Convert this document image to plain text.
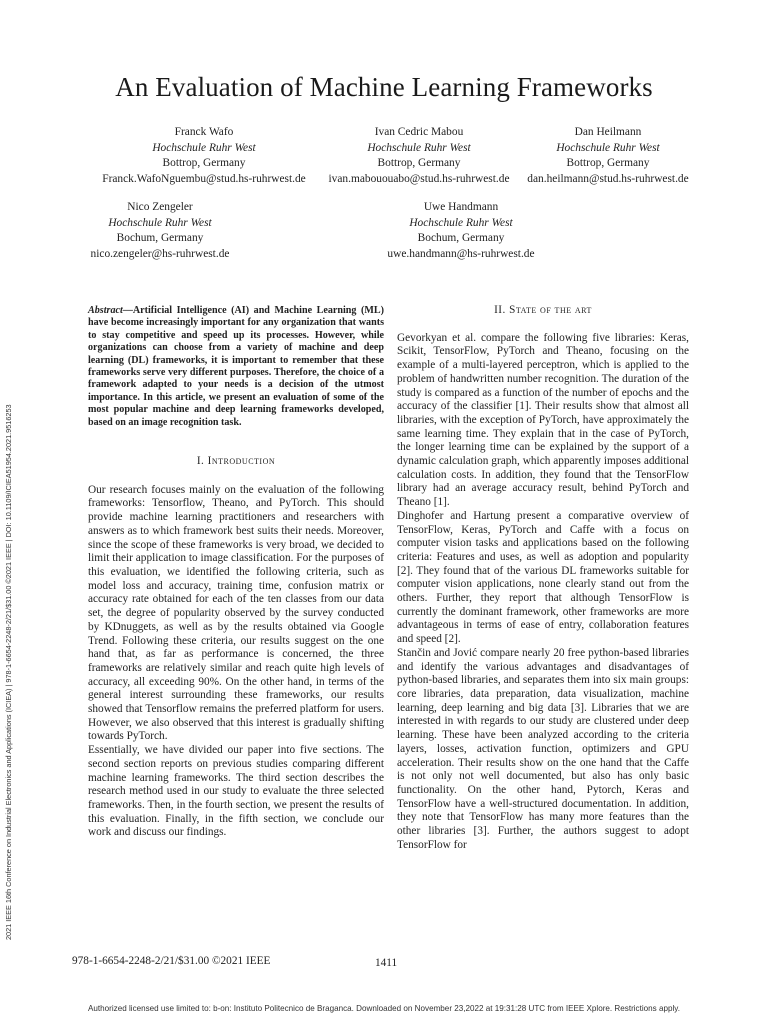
2021 IEEE 16th Conference on Industrial Electronics and Applications (ICIEA) | 978-1-6654-2248-2/21/$31.00 ©2021 IEEE | DOI: 10.1109/ICIEA51954.2021.9516253
An Evaluation of Machine Learning Frameworks
Franck Wafo
Hochschule Ruhr West
Bottrop, Germany
Franck.WafoNguembu@stud.hs-ruhrwest.de
Ivan Cedric Mabou
Hochschule Ruhr West
Bottrop, Germany
ivan.mabououabo@stud.hs-ruhrwest.de
Dan Heilmann
Hochschule Ruhr West
Bottrop, Germany
dan.heilmann@stud.hs-ruhrwest.de
Nico Zengeler
Hochschule Ruhr West
Bochum, Germany
nico.zengeler@hs-ruhrwest.de
Uwe Handmann
Hochschule Ruhr West
Bochum, Germany
uwe.handmann@hs-ruhrwest.de

Abstract—Artificial Intelligence (AI) and Machine Learning (ML) have become increasingly important for any organization that wants to stay competitive and speed up its processes. However, while organizations can choose from a variety of machine and deep learning (DL) frameworks, it is important to remember that these frameworks serve very different purposes. Therefore, the choice of a framework adapted to your needs is a decision of the utmost importance. In this article, we present an evaluation of some of the most popular machine and deep learning frameworks developed, based on an image recognition task.

I. Introduction

Our research focuses mainly on the evaluation of the following frameworks: Tensorflow, Theano, and PyTorch. This should provide machine learning practitioners and researchers with answers as to which framework best suits their needs. Moreover, since the scope of these frameworks is very broad, we decided to limit their application to image classification. For the purposes of this evaluation, we identified the following criteria, such as model loss and accuracy, training time, confusion matrix or accuracy rate obtained for each of the ten classes from our data set, the degree of popularity observed by the survey conducted by KDnuggets, as well as by the results obtained via Google Trend. Following these criteria, our results suggest on the one hand that, as far as performance is concerned, the three frameworks are relatively similar and reach quite high levels of accuracy, all exceeding 90%. On the other hand, in terms of the general interest surrounding these frameworks, our results showed that Tensorflow remains the preferred platform for users. However, we also observed that this interest is gradually shifting towards PyTorch.

Essentially, we have divided our paper into five sections. The second section reports on previous studies comparing different machine learning frameworks. The third section describes the research method used in our study to evaluate the three selected frameworks. Then, in the fourth section, we present the results of this evaluation. Finally, in the fifth section, we conclude our work and discuss our findings.

II. State of the art

Gevorkyan et al. compare the following five libraries: Keras, Scikit, TensorFlow, PyTorch and Theano, focusing on the example of a multi-layered perceptron, which is applied to the problem of handwritten number recognition. The duration of the study is compared as a function of the number of epochs and the accuracy of the classifier [1]. Their results show that almost all libraries, with the exception of PyTorch, have approximately the same learning time. They explain that in the case of PyTorch, the longer learning time can be explained by the support of a dynamic calculation graph, which apparently imposes additional calculation costs. In addition, they found that the TensorFlow library had an average accuracy result, behind PyTorch and Theano [1].

Dinghofer and Hartung present a comparative overview of TensorFlow, Keras, PyTorch and Caffe with a focus on computer vision tasks and applications based on the following criteria: Features and uses, as well as adoption and popularity [2]. They found that of the various DL frameworks suitable for computer vision applications, none clearly stand out from the others. Further, they report that although TensorFlow is currently the dominant framework, other frameworks are more advantageous in terms of ease of entry, collaboration features and speed [2].

Stančin and Jović compare nearly 20 free python-based libraries and identify the various advantages and disadvantages of python-based libraries, and separates them into six main groups: core libraries, data preparation, data visualization, machine learning, deep learning and big data [3]. Libraries that we are interested in with regards to our study are clustered under deep learning. These have been analyzed according to the criteria layers, losses, activation function, optimizers and GPU acceleration. Their results show on the one hand that the Caffe is not only not well documented, but also has only basic functionality. On the other hand, Pytorch, Keras and TensorFlow have a well-structured documentation. In addition, they note that TensorFlow has many more features than the other libraries [3]. Further, the authors suggest to adopt TensorFlow for

978-1-6654-2248-2/21/$31.00 ©2021 IEEE	1411
Authorized licensed use limited to: b-on: Instituto Politecnico de Braganca. Downloaded on November 23,2022 at 19:31:28 UTC from IEEE Xplore. Restrictions apply.
